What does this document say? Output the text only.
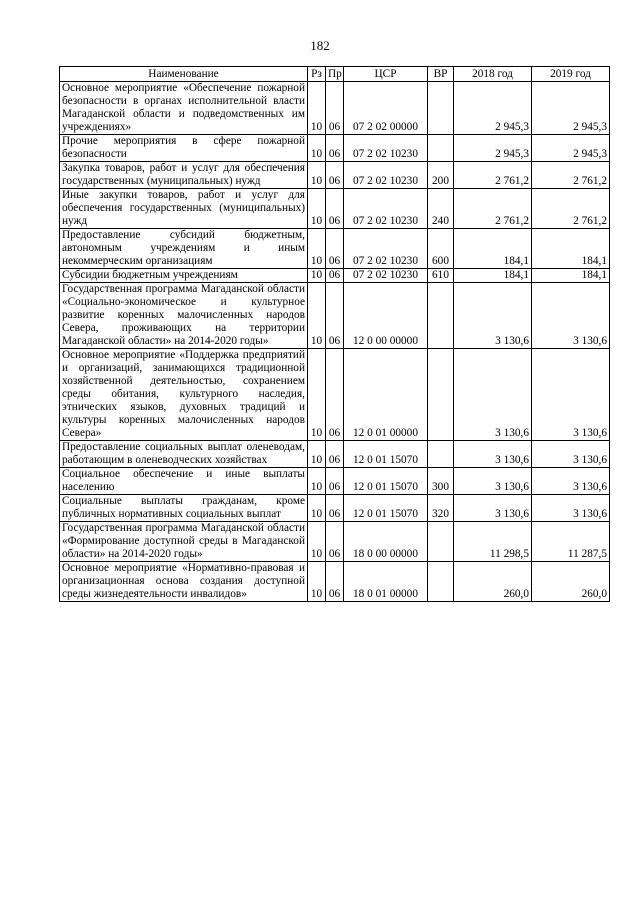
182
Наименование	Рз	Пр	ЦСР	ВР	2018 год	2019 год
Основное мероприятие «Обеспечение пожарной безопасности в органах исполнительной власти Магаданской области и подведомственных им учреждениях»	10	06	07 2 02 00000		2 945,3	2 945,3
Прочие мероприятия в сфере пожарной безопасности	10	06	07 2 02 10230		2 945,3	2 945,3
Закупка товаров, работ и услуг для обеспечения государственных (муниципальных) нужд	10	06	07 2 02 10230	200	2 761,2	2 761,2
Иные закупки товаров, работ и услуг для обеспечения государственных (муниципальных) нужд	10	06	07 2 02 10230	240	2 761,2	2 761,2
Предоставление субсидий бюджетным, автономным учреждениям и иным некоммерческим организациям	10	06	07 2 02 10230	600	184,1	184,1
Субсидии бюджетным учреждениям	10	06	07 2 02 10230	610	184,1	184,1
Государственная программа Магаданской области «Социально-экономическое и культурное развитие коренных малочисленных народов Севера, проживающих на территории Магаданской области» на 2014-2020 годы»	10	06	12 0 00 00000		3 130,6	3 130,6
Основное мероприятие «Поддержка предприятий и организаций, занимающихся традиционной хозяйственной деятельностью, сохранением среды обитания, культурного наследия, этнических языков, духовных традиций и культуры коренных малочисленных народов Севера»	10	06	12 0 01 00000		3 130,6	3 130,6
Предоставление социальных выплат оленеводам, работающим в оленеводческих хозяйствах	10	06	12 0 01 15070		3 130,6	3 130,6
Социальное обеспечение и иные выплаты населению	10	06	12 0 01 15070	300	3 130,6	3 130,6
Социальные выплаты гражданам, кроме публичных нормативных социальных выплат	10	06	12 0 01 15070	320	3 130,6	3 130,6
Государственная программа Магаданской области «Формирование доступной среды в Магаданской области» на 2014-2020 годы»	10	06	18 0 00 00000		11 298,5	11 287,5
Основное мероприятие «Нормативно-правовая и организационная основа создания доступной среды жизнедеятельности инвалидов»	10	06	18 0 01 00000		260,0	260,0
